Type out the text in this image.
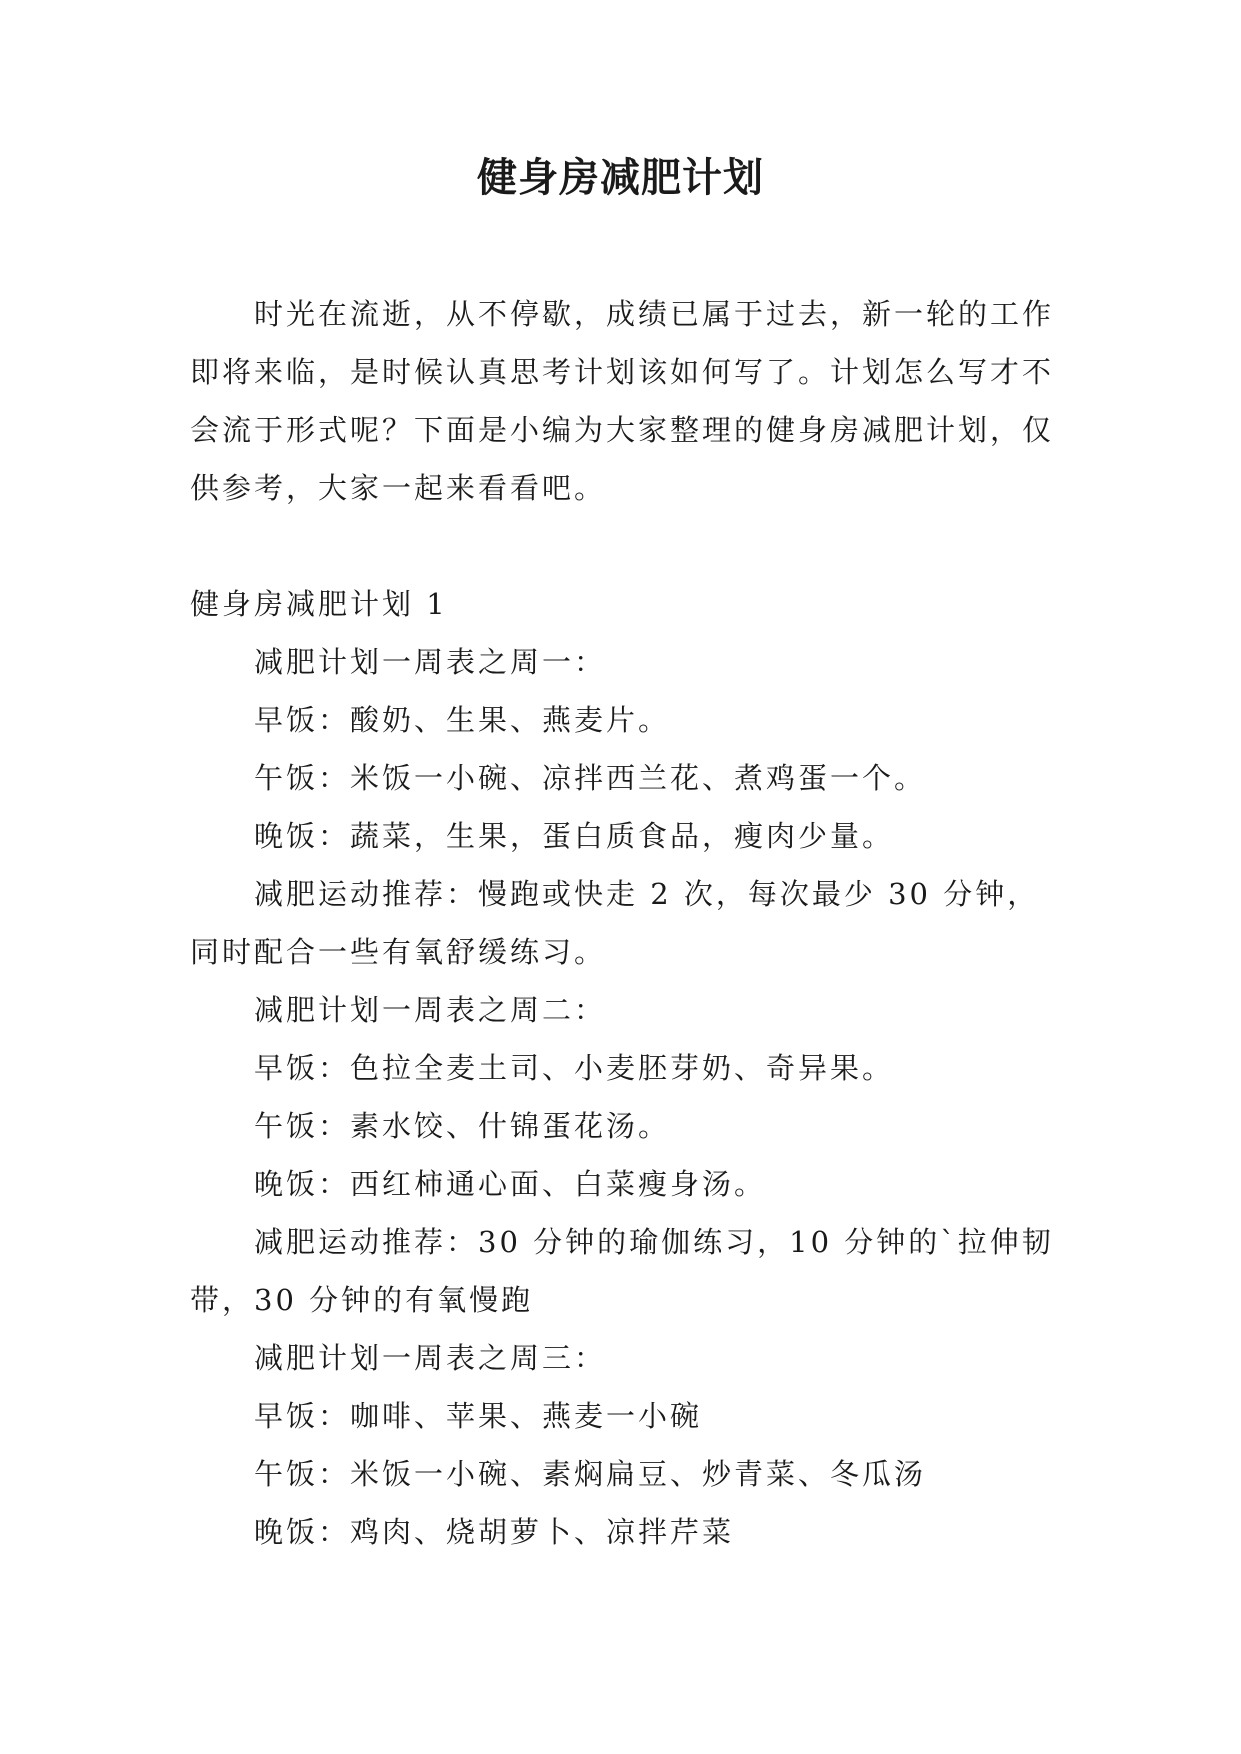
健身房减肥计划

时光在流逝，从不停歇，成绩已属于过去，新一轮的工作即将来临，是时候认真思考计划该如何写了。计划怎么写才不会流于形式呢？下面是小编为大家整理的健身房减肥计划，仅供参考，大家一起来看看吧。

健身房减肥计划 1

减肥计划一周表之周一：

早饭：酸奶、生果、燕麦片。

午饭：米饭一小碗、凉拌西兰花、煮鸡蛋一个。

晚饭：蔬菜，生果，蛋白质食品，瘦肉少量。

减肥运动推荐：慢跑或快走 2 次，每次最少 30 分钟，同时配合一些有氧舒缓练习。

减肥计划一周表之周二：

早饭：色拉全麦土司、小麦胚芽奶、奇异果。

午饭：素水饺、什锦蛋花汤。

晚饭：西红柿通心面、白菜瘦身汤。

减肥运动推荐：30 分钟的瑜伽练习，10 分钟的`拉伸韧带，30 分钟的有氧慢跑

减肥计划一周表之周三：

早饭：咖啡、苹果、燕麦一小碗

午饭：米饭一小碗、素焖扁豆、炒青菜、冬瓜汤

晚饭：鸡肉、烧胡萝卜、凉拌芹菜
